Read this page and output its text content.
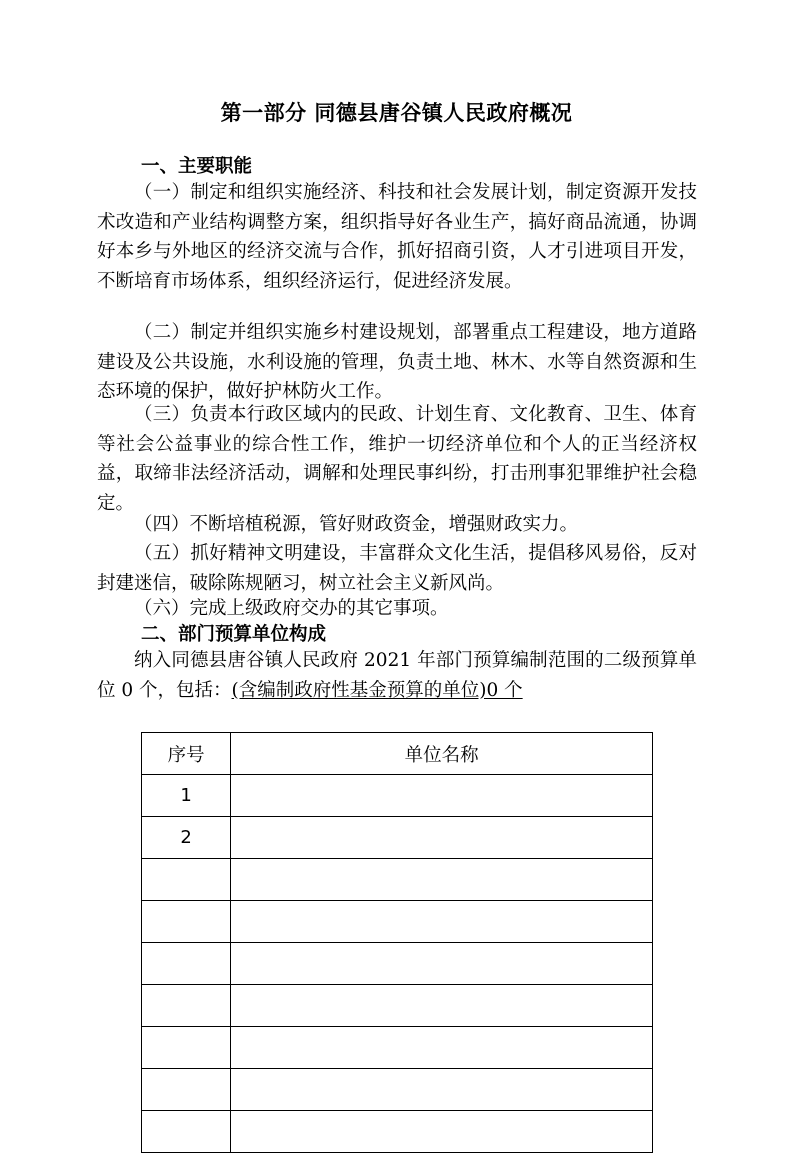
第一部分 同德县唐谷镇人民政府概况
一、主要职能

（一）制定和组织实施经济、科技和社会发展计划，制定资源开发技术改造和产业结构调整方案，组织指导好各业生产，搞好商品流通，协调好本乡与外地区的经济交流与合作，抓好招商引资，人才引进项目开发，不断培育市场体系，组织经济运行，促进经济发展。

（二）制定并组织实施乡村建设规划，部署重点工程建设，地方道路建设及公共设施，水利设施的管理，负责土地、林木、水等自然资源和生态环境的保护，做好护林防火工作。

（三）负责本行政区域内的民政、计划生育、文化教育、卫生、体育等社会公益事业的综合性工作，维护一切经济单位和个人的正当经济权益，取缔非法经济活动，调解和处理民事纠纷，打击刑事犯罪维护社会稳定。

（四）不断培植税源，管好财政资金，增强财政实力。

（五）抓好精神文明建设，丰富群众文化生活，提倡移风易俗，反对封建迷信，破除陈规陋习，树立社会主义新风尚。

（六）完成上级政府交办的其它事项。

二、部门预算单位构成

纳入同德县唐谷镇人民政府 2021 年部门预算编制范围的二级预算单位 0 个，包括：(含编制政府性基金预算的单位)0 个

序号	单位名称
1	
2	
